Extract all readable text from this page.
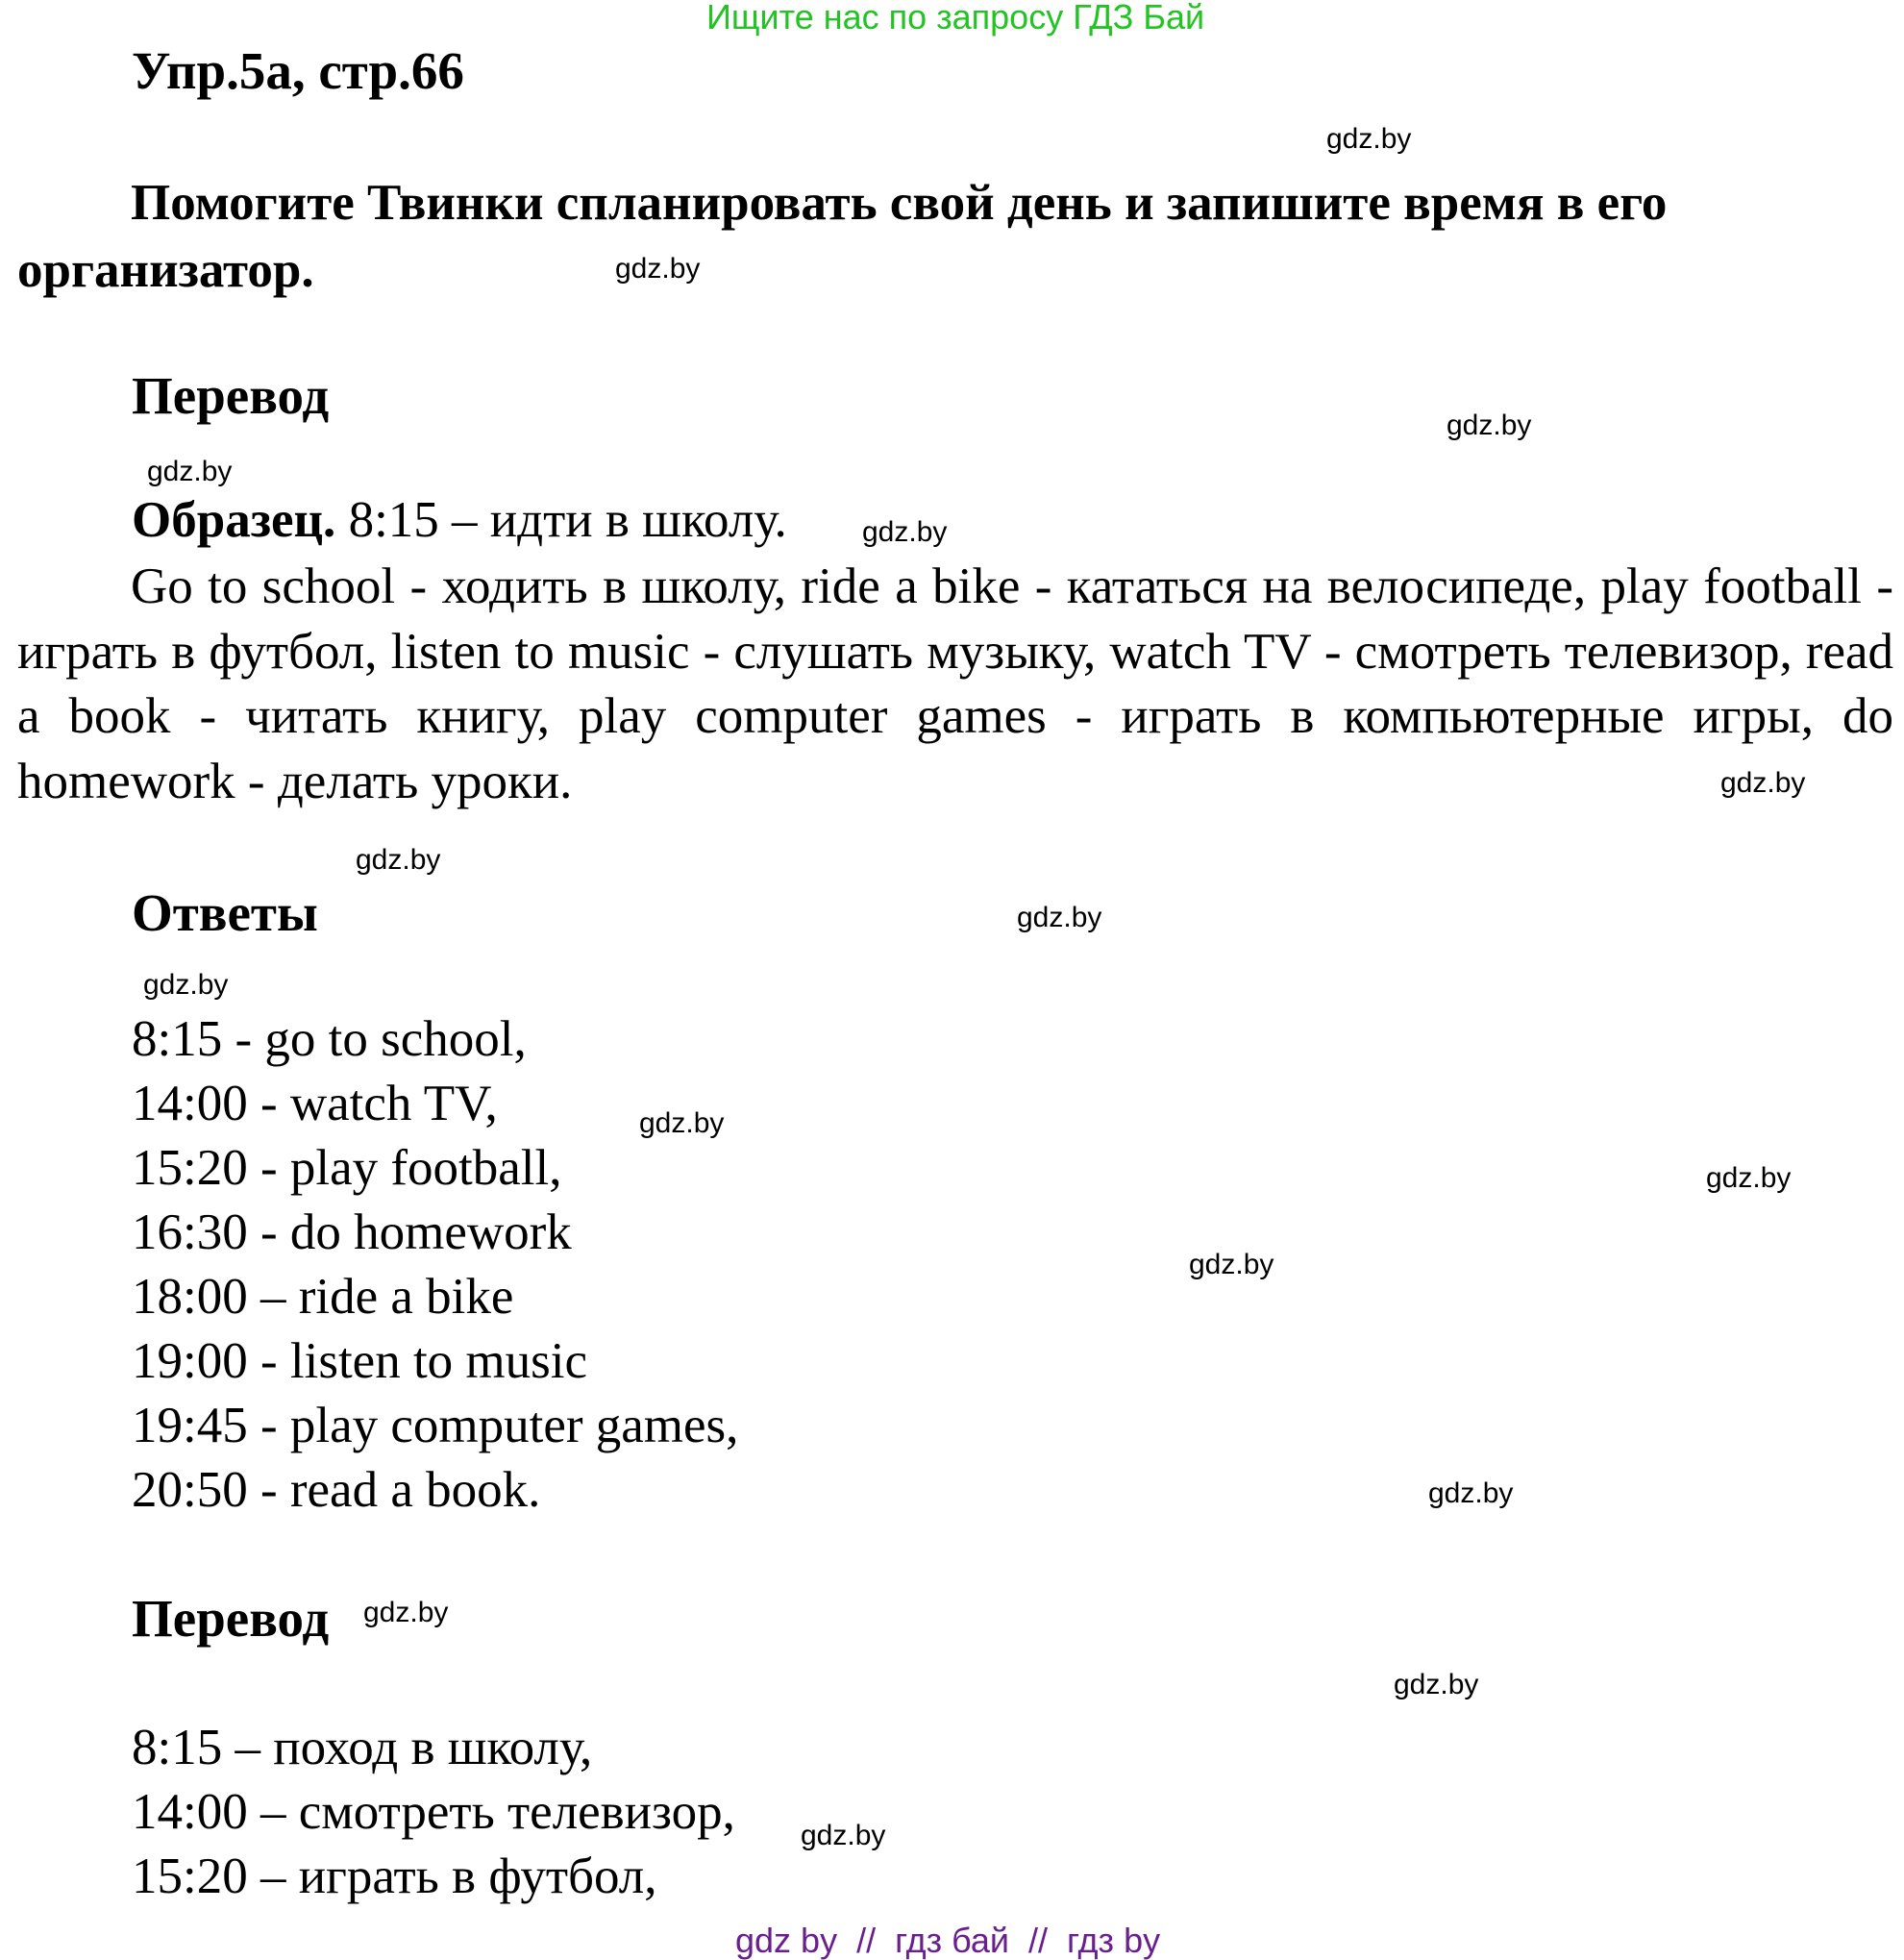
Ищите нас по запросу ГДЗ Бай
Упр.5а, стр.66
Помогите Твинки спланировать свой день и запишите время в его организатор.
Перевод
Образец. 8:15 – идти в школу.
Go to school - ходить в школу, ride a bike - кататься на велосипеде, play football - играть в футбол, listen to music - слушать музыку, watch TV - смотреть телевизор, read a book - читать книгу, play computer games - играть в компьютерные игры, do homework - делать уроки.
Ответы
8:15 - go to school,
14:00 - watch TV,
15:20 - play football,
16:30 - do homework
18:00 – ride a bike
19:00 - listen to music
19:45 - play computer games,
20:50 - read a book.
Перевод
8:15 – поход в школу,
14:00 – смотреть телевизор,
15:20 – играть в футбол,
gdz.by
gdz.by
gdz.by
gdz.by
gdz.by
gdz.by
gdz.by
gdz.by
gdz.by
gdz.by
gdz.by
gdz.by
gdz.by
gdz.by
gdz.by
gdz.by
gdz by  //  гдз бай  //  гдз by
